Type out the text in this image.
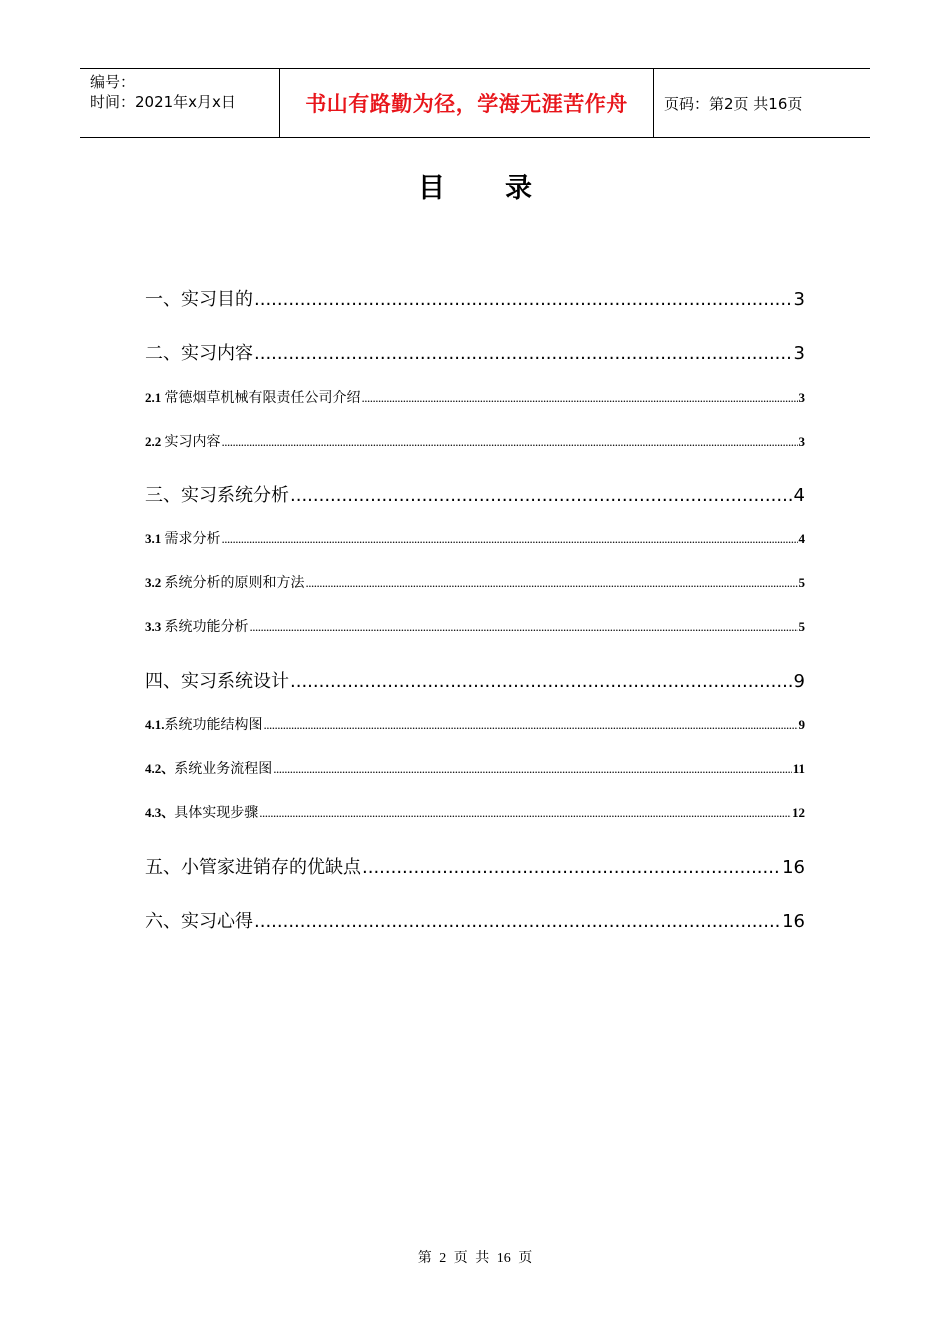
编号：
时间：2021年x月x日	书山有路勤为径，学海无涯苦作舟	页码：第2页 共16页
目录
一、实习目的 .....	3
二、实习内容 .....	3
2.1 常德烟草机械有限责任公司介绍 .....	3
2.2 实习内容 .....	3
三、实习系统分析 .....	4
3.1 需求分析 .....	4
3.2 系统分析的原则和方法 .....	5
3.3 系统功能分析 .....	5
四、实习系统设计 .....	9
4.1.系统功能结构图 .....	9
4.2、系统业务流程图 .....	11
4.3、具体实现步骤 .....	12
五、小管家进销存的优缺点 .....	16
六、实习心得 .....	16
第 2 页 共 16 页
